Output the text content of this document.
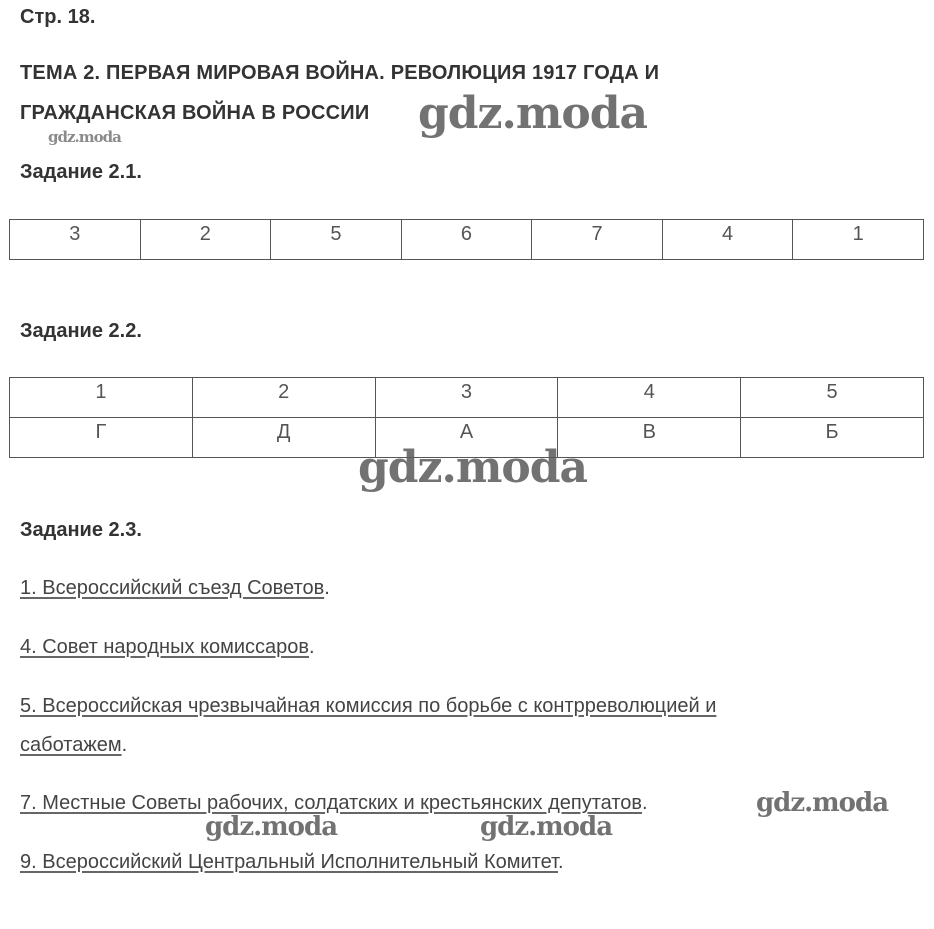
Стр. 18.
ТЕМА 2. ПЕРВАЯ МИРОВАЯ ВОЙНА. РЕВОЛЮЦИЯ 1917 ГОДА И
ГРАЖДАНСКАЯ ВОЙНА В РОССИИ
Задание 2.1.
3	2	5	6	7	4	1
Задание 2.2.
1	2	3	4	5
Г	Д	А	В	Б
Задание 2.3.
1. Всероссийский съезд Советов.
4. Совет народных комиссаров.
5. Всероссийская чрезвычайная комиссия по борьбе с контрреволюцией и
саботажем.
7. Местные Советы рабочих, солдатских и крестьянских депутатов.
9. Всероссийский Центральный Исполнительный Комитет.
gdz.moda
gdz.moda
gdz.moda
gdz.moda
gdz.moda	gdz.moda
